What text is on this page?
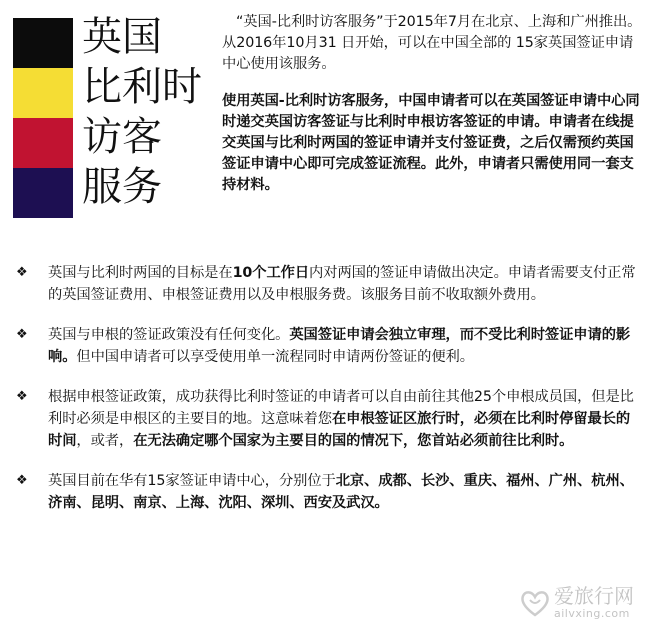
英国
比利时
访客
服务

“英国-比利时访客服务”于2015年7月在北京、上海和广州推出。从2016年10月31 日开始，可以在中国全部的 15家英国签证申请中心使用该服务。

使用英国-比利时访客服务，中国申请者可以在英国签证申请中心同时递交英国访客签证与比利时申根访客签证的申请。申请者在线提交英国与比利时两国的签证申请并支付签证费，之后仅需预约英国签证申请中心即可完成签证流程。此外，申请者只需使用同一套支持材料。

❖ 英国与比利时两国的目标是在10个工作日内对两国的签证申请做出决定。申请者需要支付正常的英国签证费用、申根签证费用以及申根服务费。该服务目前不收取额外费用。
❖ 英国与申根的签证政策没有任何变化。英国签证申请会独立审理，而不受比利时签证申请的影响。但中国申请者可以享受使用单一流程同时申请两份签证的便利。
❖ 根据申根签证政策，成功获得比利时签证的申请者可以自由前往其他25个申根成员国，但是比利时必须是申根区的主要目的地。这意味着您在申根签证区旅行时，必须在比利时停留最长的时间，或者，在无法确定哪个国家为主要目的国的情况下，您首站必须前往比利时。
❖ 英国目前在华有15家签证申请中心，分别位于北京、成都、长沙、重庆、福州、广州、杭州、济南、昆明、南京、上海、沈阳、深圳、西安及武汉。
爱旅行网
ailvxing.com
